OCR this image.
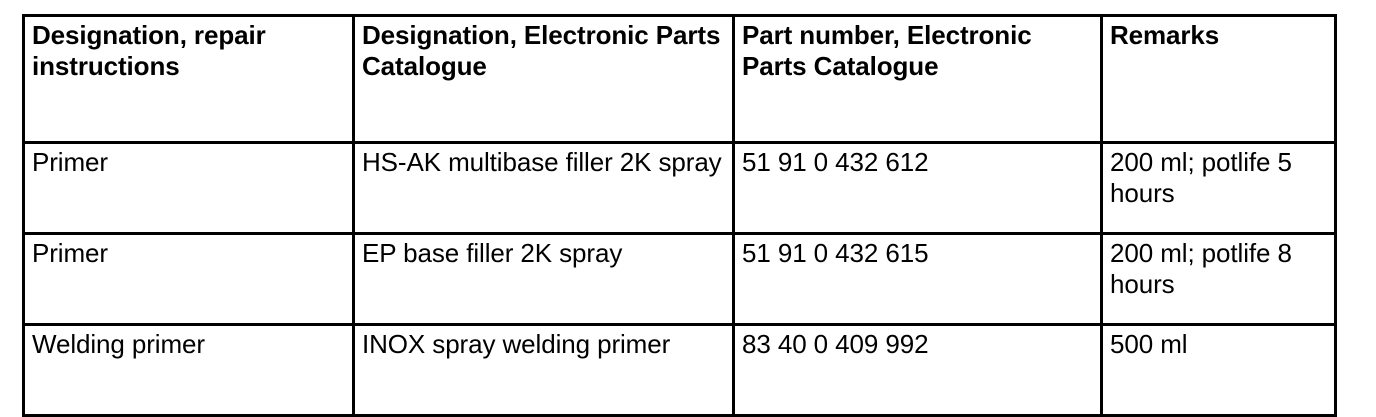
Designation, repair instructions	Designation, Electronic Parts Catalogue	Part number, Electronic Parts Catalogue	Remarks
Primer	HS-AK multibase filler 2K spray	51 91 0 432 612	200 ml; potlife 5 hours
Primer	EP base filler 2K spray	51 91 0 432 615	200 ml; potlife 8 hours
Welding primer	INOX spray welding primer	83 40 0 409 992	500 ml
